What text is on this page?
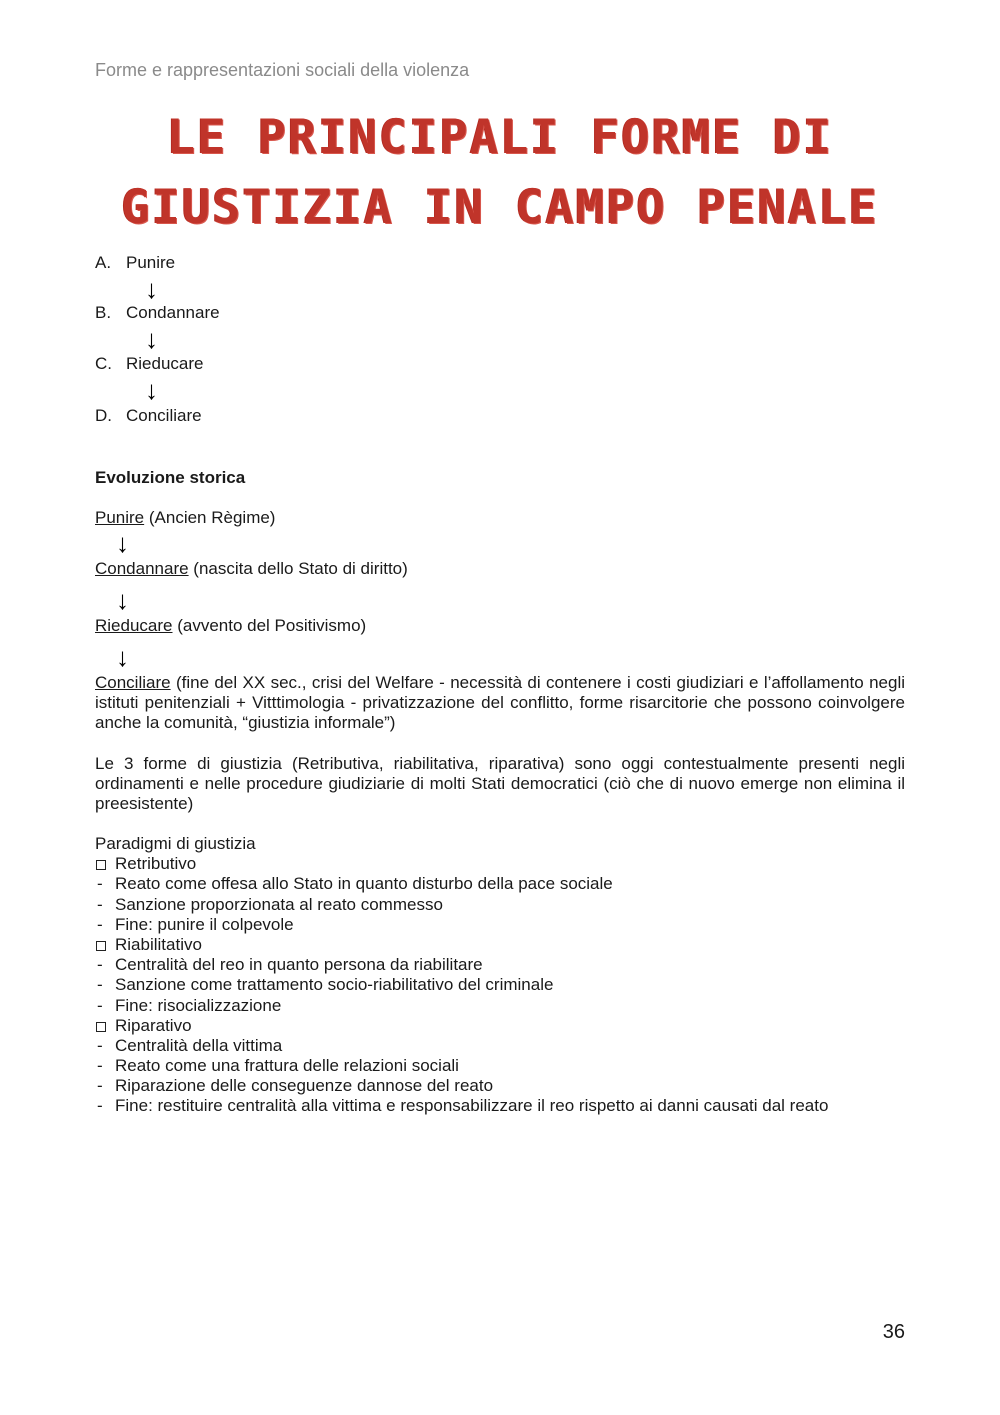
Forme e rappresentazioni sociali della violenza
LE PRINCIPALI FORME DI
GIUSTIZIA IN CAMPO PENALE
A. Punire
↓
B. Condannare
↓
C. Rieducare
↓
D. Conciliare
Evoluzione storica
Punire (Ancien Règime)
↓
Condannare (nascita dello Stato di diritto)
↓
Rieducare (avvento del Positivismo)
↓
Conciliare (fine del XX sec., crisi del Welfare - necessità di contenere i costi giudiziari e l’affollamento negli istituti penitenziali + Vitttimologia - privatizzazione del conflitto, forme risarcitorie che possono coinvolgere anche la comunità, “giustizia informale”)
Le 3 forme di giustizia (Retributiva, riabilitativa, riparativa) sono oggi contestualmente presenti negli ordinamenti e nelle procedure giudiziarie di molti Stati democratici (ciò che di nuovo emerge non elimina il preesistente)
Paradigmi di giustizia
Retributivo
- Reato come offesa allo Stato in quanto disturbo della pace sociale
- Sanzione proporzionata al reato commesso
- Fine: punire il colpevole
Riabilitativo
- Centralità del reo in quanto persona da riabilitare
- Sanzione come trattamento socio-riabilitativo del criminale
- Fine: risocializzazione
Riparativo
- Centralità della vittima
- Reato come una frattura delle relazioni sociali
- Riparazione delle conseguenze dannose del reato
- Fine: restituire centralità alla vittima e responsabilizzare il reo rispetto ai danni causati dal reato
36
